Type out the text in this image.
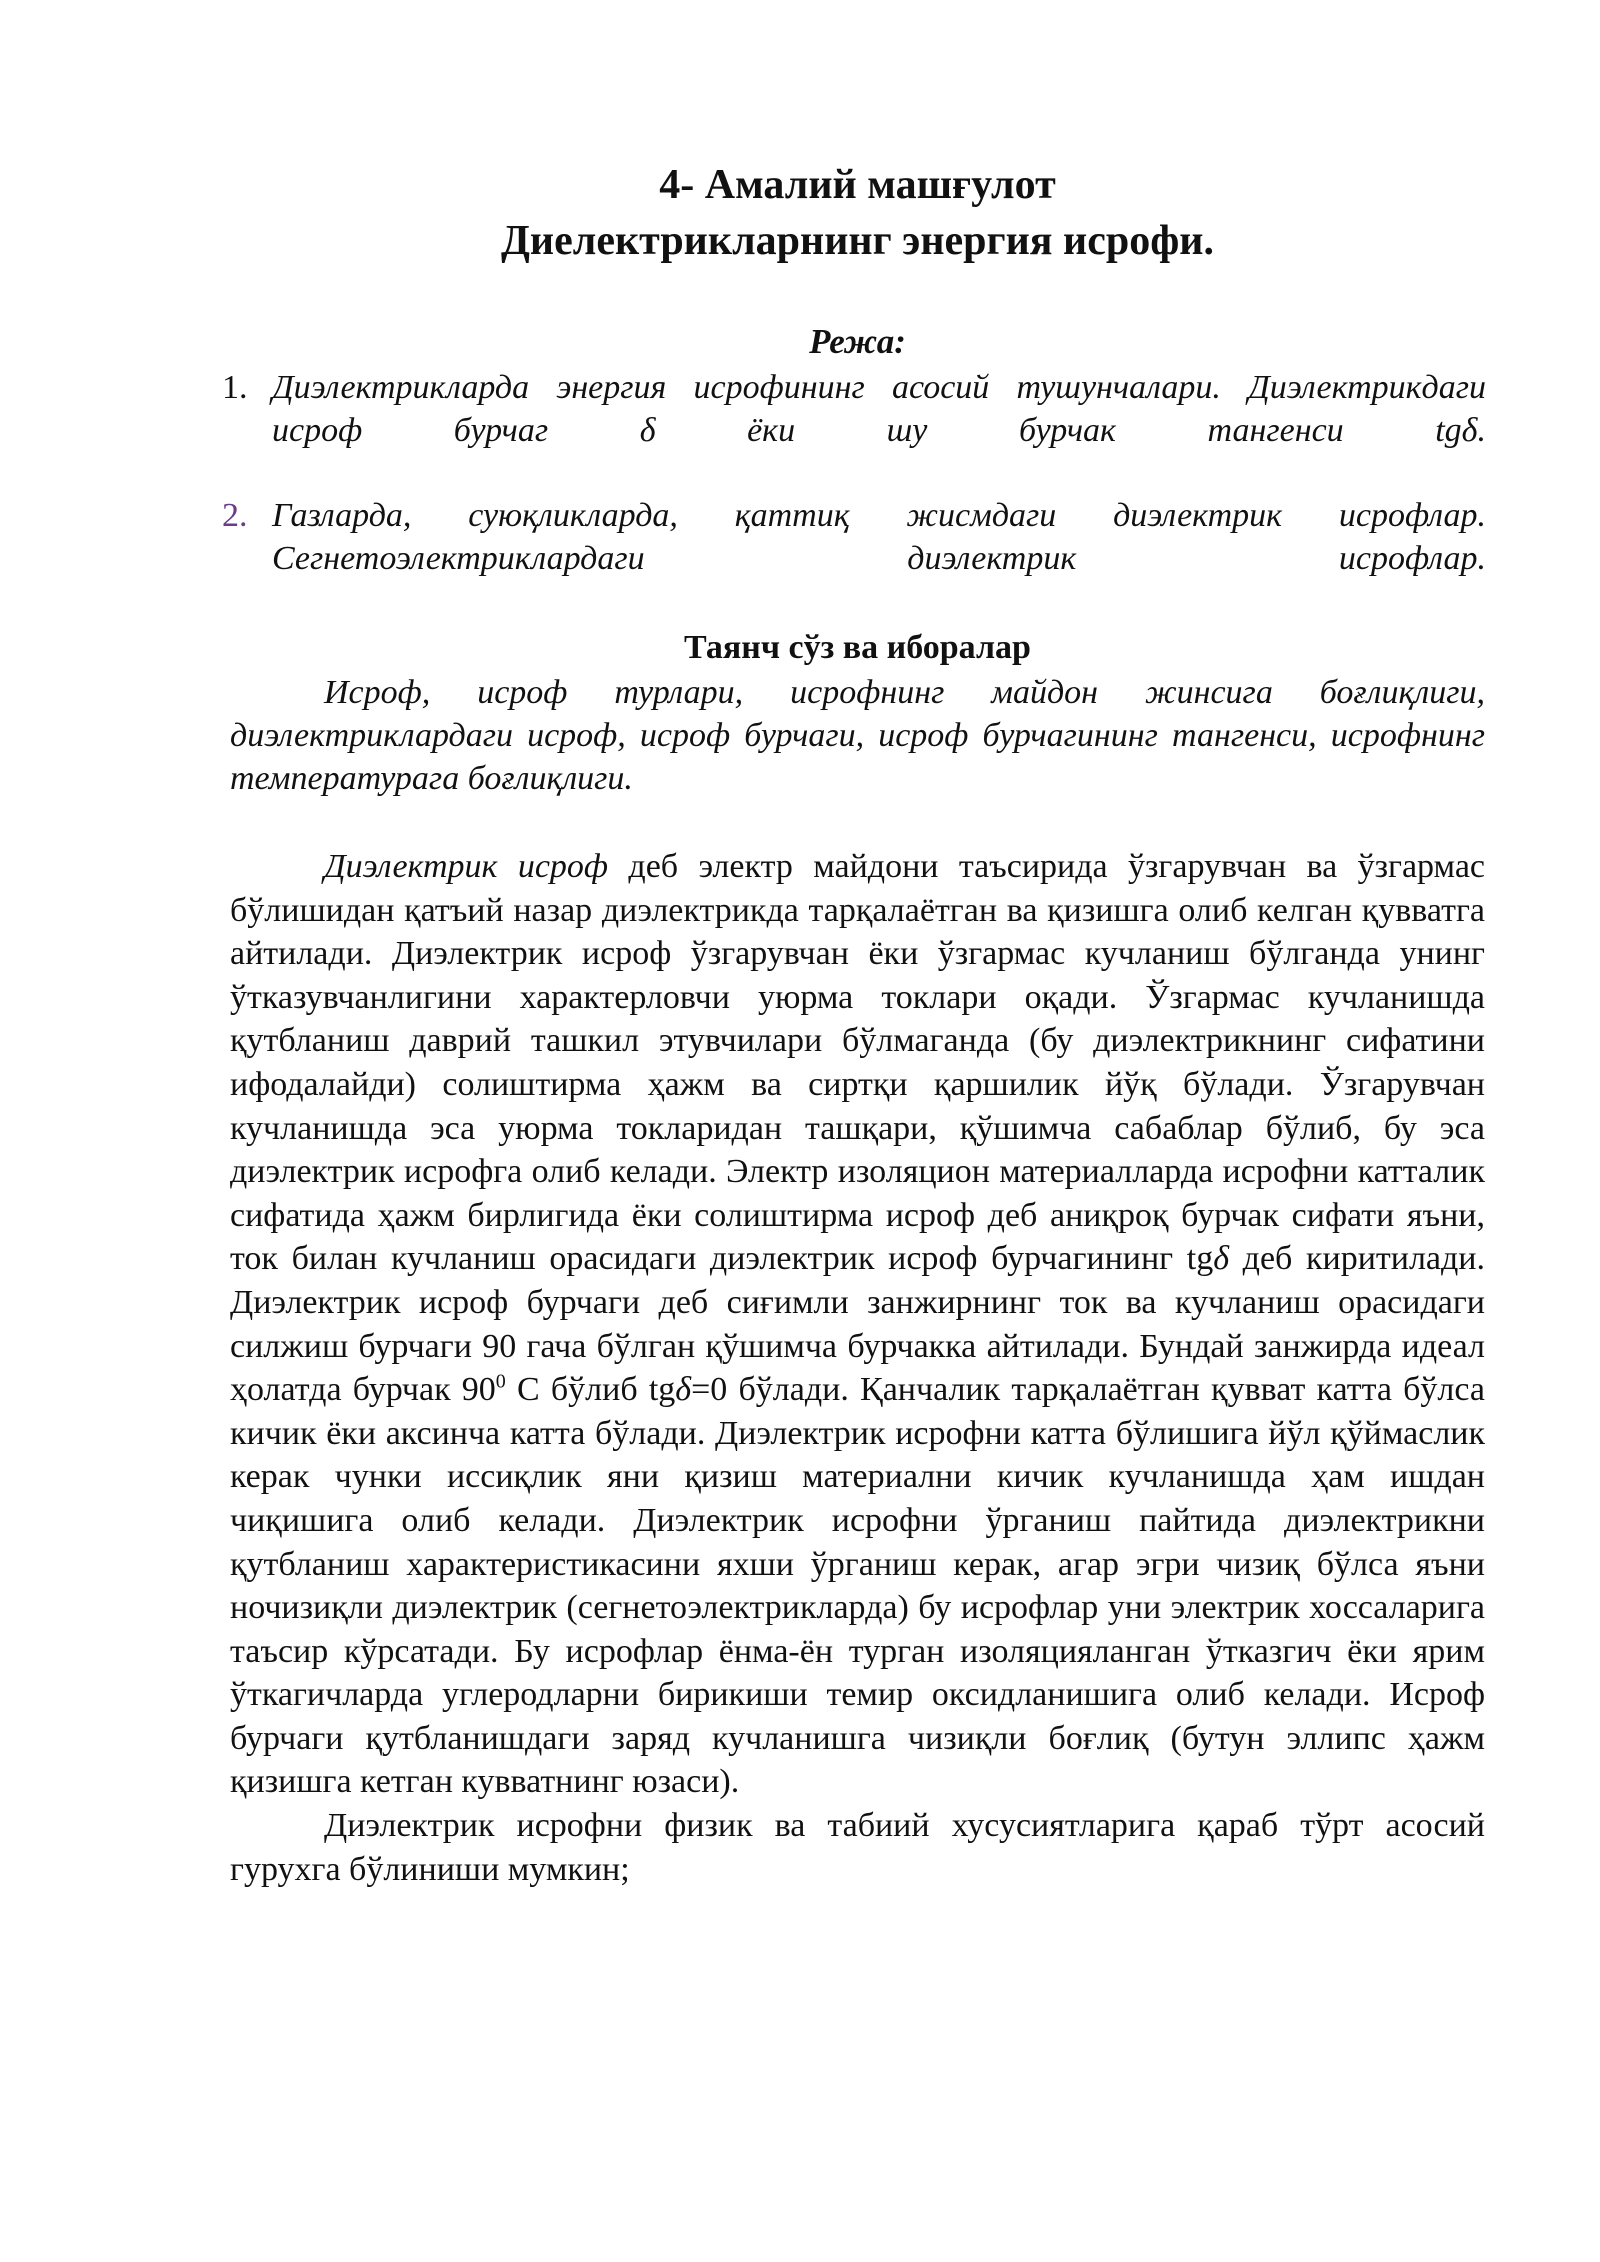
4- Амалий машғулот
Диелектрикларнинг энергия исрофи.
Режа:
1. Диэлектрикларда энергия исрофининг асосий тушунчалари. Диэлектрикдаги исроф бурчаг δ ёки шу бурчак тангенси tgδ.
2. Газларда, суюқликларда, қаттиқ жисмдаги диэлектрик исрофлар. Сегнетоэлектриклардаги диэлектрик исрофлар.
Таянч сўз ва иборалар

Исроф, исроф турлари, исрофнинг майдон жинсига боғлиқлиги, диэлектриклардаги исроф, исроф бурчаги, исроф бурчагининг тангенси, исрофнинг температурага боғлиқлиги.

Диэлектрик исроф деб электр майдони таъсирида ўзгарувчан ва ўзгармас бўлишидан қатъий назар диэлектрикда тарқалаётган ва қизишга олиб келган қувватга айтилади. Диэлектрик исроф ўзгарувчан ёки ўзгармас кучланиш бўлганда унинг ўтказувчанлигини характерловчи уюрма токлари оқади. Ўзгармас кучланишда қутбланиш даврий ташкил этувчилари бўлмаганда (бу диэлектрикнинг сифатини ифодалайди) солиштирма ҳажм ва сиртқи қаршилик йўқ бўлади. Ўзгарувчан кучланишда эса уюрма токларидан ташқари, қўшимча сабаблар бўлиб, бу эса диэлектрик исрофга олиб келади. Электр изоляцион материалларда исрофни катталик сифатида ҳажм бирлигида ёки солиштирма исроф деб аниқроқ бурчак сифати яъни, ток билан кучланиш орасидаги диэлектрик исроф бурчагининг tgδ деб киритилади. Диэлектрик исроф бурчаги деб сиғимли занжирнинг ток ва кучланиш орасидаги силжиш бурчаги 90 гача бўлган қўшимча бурчакка айтилади. Бундай занжирда идеал ҳолатда бурчак $90^0$ С бўлиб tgδ=0 бўлади. Қанчалик тарқалаётган қувват катта бўлса кичик ёки аксинча катта бўлади. Диэлектрик исрофни катта бўлишига йўл қўймаслик керак чунки иссиқлик яни қизиш материални кичик кучланишда ҳам ишдан чиқишига олиб келади. Диэлектрик исрофни ўрганиш пайтида диэлектрикни қутбланиш характеристикасини яхши ўрганиш керак, агар эгри чизиқ бўлса яъни ночизиқли диэлектрик (сегнетоэлектрикларда) бу исрофлар уни электрик хоссаларига таъсир кўрсатади. Бу исрофлар ёнма-ён турган изоляцияланган ўтказгич ёки ярим ўткагичларда углеродларни бирикиши темир оксидланишига олиб келади. Исроф бурчаги қутбланишдаги заряд кучланишга чизиқли боғлиқ (бутун эллипс ҳажм қизишга кетган кувватнинг юзаси).

Диэлектрик исрофни физик ва табиий хусусиятларига қараб тўрт асосий гурухга бўлиниши мумкин;
